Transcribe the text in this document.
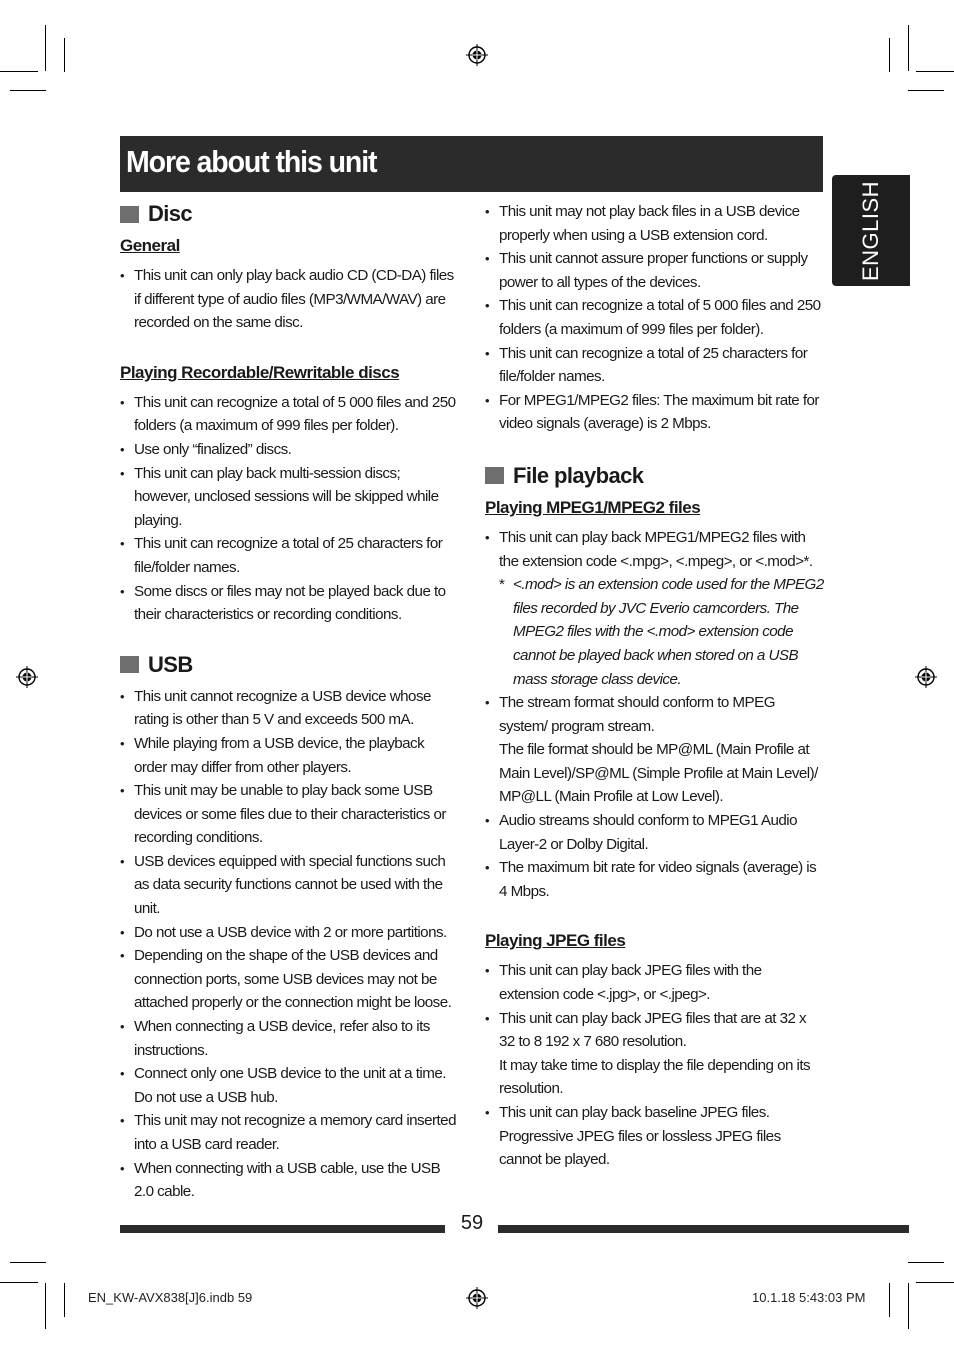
More about this unit
ENGLISH
Disc
General
• This unit can only play back audio CD (CD-DA) files if different type of audio files (MP3/WMA/WAV) are recorded on the same disc.
Playing Recordable/Rewritable discs
• This unit can recognize a total of 5 000 files and 250 folders (a maximum of 999 files per folder).
• Use only “finalized” discs.
• This unit can play back multi-session discs; however, unclosed sessions will be skipped while playing.
• This unit can recognize a total of 25 characters for file/folder names.
• Some discs or files may not be played back due to their characteristics or recording conditions.
USB
• This unit cannot recognize a USB device whose rating is other than 5 V and exceeds 500 mA.
• While playing from a USB device, the playback order may differ from other players.
• This unit may be unable to play back some USB devices or some files due to their characteristics or recording conditions.
• USB devices equipped with special functions such as data security functions cannot be used with the unit.
• Do not use a USB device with 2 or more partitions.
• Depending on the shape of the USB devices and connection ports, some USB devices may not be attached properly or the connection might be loose.
• When connecting a USB device, refer also to its instructions.
• Connect only one USB device to the unit at a time. Do not use a USB hub.
• This unit may not recognize a memory card inserted into a USB card reader.
• When connecting with a USB cable, use the USB 2.0 cable.
• This unit may not play back files in a USB device properly when using a USB extension cord.
• This unit cannot assure proper functions or supply power to all types of the devices.
• This unit can recognize a total of 5 000 files and 250 folders (a maximum of 999 files per folder).
• This unit can recognize a total of 25 characters for file/folder names.
• For MPEG1/MPEG2 files: The maximum bit rate for video signals (average) is 2 Mbps.
File playback
Playing MPEG1/MPEG2 files
• This unit can play back MPEG1/MPEG2 files with the extension code <.mpg>, <.mpeg>, or <.mod>*.
* <.mod> is an extension code used for the MPEG2 files recorded by JVC Everio camcorders. The MPEG2 files with the <.mod> extension code cannot be played back when stored on a USB mass storage class device.
• The stream format should conform to MPEG system/ program stream.
The file format should be MP@ML (Main Profile at Main Level)/SP@ML (Simple Profile at Main Level)/ MP@LL (Main Profile at Low Level).
• Audio streams should conform to MPEG1 Audio Layer-2 or Dolby Digital.
• The maximum bit rate for video signals (average) is 4 Mbps.
Playing JPEG files
• This unit can play back JPEG files with the extension code <.jpg>, or <.jpeg>.
• This unit can play back JPEG files that are at 32 x 32 to 8 192 x 7 680 resolution.
It may take time to display the file depending on its resolution.
• This unit can play back baseline JPEG files.
Progressive JPEG files or lossless JPEG files cannot be played.
59
EN_KW-AVX838[J]6.indb 59	10.1.18 5:43:03 PM
